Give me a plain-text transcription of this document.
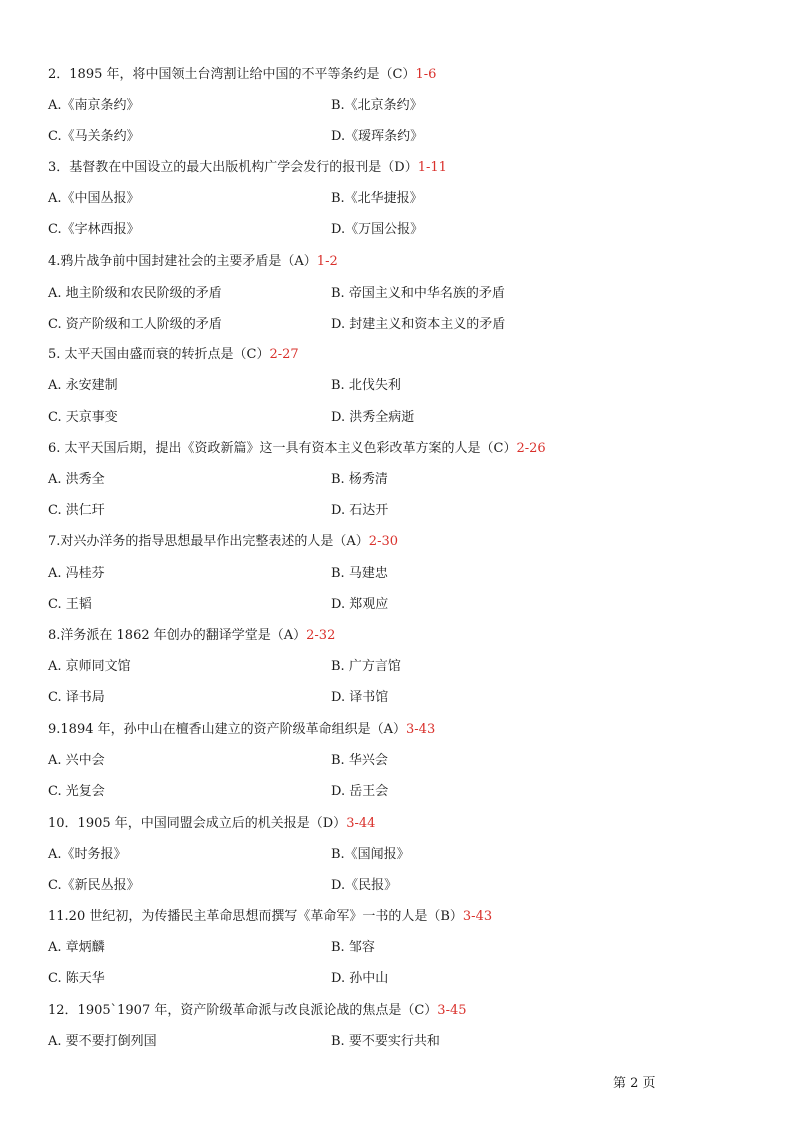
2．1895 年，将中国领土台湾割让给中国的不平等条约是（C）1-6
A.《南京条约》	B.《北京条约》
C.《马关条约》	D.《瑷珲条约》
3．基督教在中国设立的最大出版机构广学会发行的报刊是（D）1-11
A.《中国丛报》	B.《北华捷报》
C.《字林西报》	D.《万国公报》
4.鸦片战争前中国封建社会的主要矛盾是（A）1-2
A. 地主阶级和农民阶级的矛盾	B. 帝国主义和中华名族的矛盾
C. 资产阶级和工人阶级的矛盾	D. 封建主义和资本主义的矛盾
5. 太平天国由盛而衰的转折点是（C）2-27
A. 永安建制	B. 北伐失利
C. 天京事变	D. 洪秀全病逝
6. 太平天国后期，提出《资政新篇》这一具有资本主义色彩改革方案的人是（C）2-26
A. 洪秀全	B. 杨秀清
C. 洪仁玕	D. 石达开
7.对兴办洋务的指导思想最早作出完整表述的人是（A）2-30
A. 冯桂芬	B. 马建忠
C. 王韬	D. 郑观应
8.洋务派在 1862 年创办的翻译学堂是（A）2-32
A. 京师同文馆	B. 广方言馆
C. 译书局	D. 译书馆
9.1894 年，孙中山在檀香山建立的资产阶级革命组织是（A）3-43
A. 兴中会	B. 华兴会
C. 光复会	D. 岳王会
10．1905 年，中国同盟会成立后的机关报是（D）3-44
A.《时务报》	B.《国闻报》
C.《新民丛报》	D.《民报》
11.20 世纪初，为传播民主革命思想而撰写《革命军》一书的人是（B）3-43
A. 章炳麟	B. 邹容
C. 陈天华	D. 孙中山
12．1905`1907 年，资产阶级革命派与改良派论战的焦点是（C）3-45
A. 要不要打倒列国	B. 要不要实行共和
第 2 页
